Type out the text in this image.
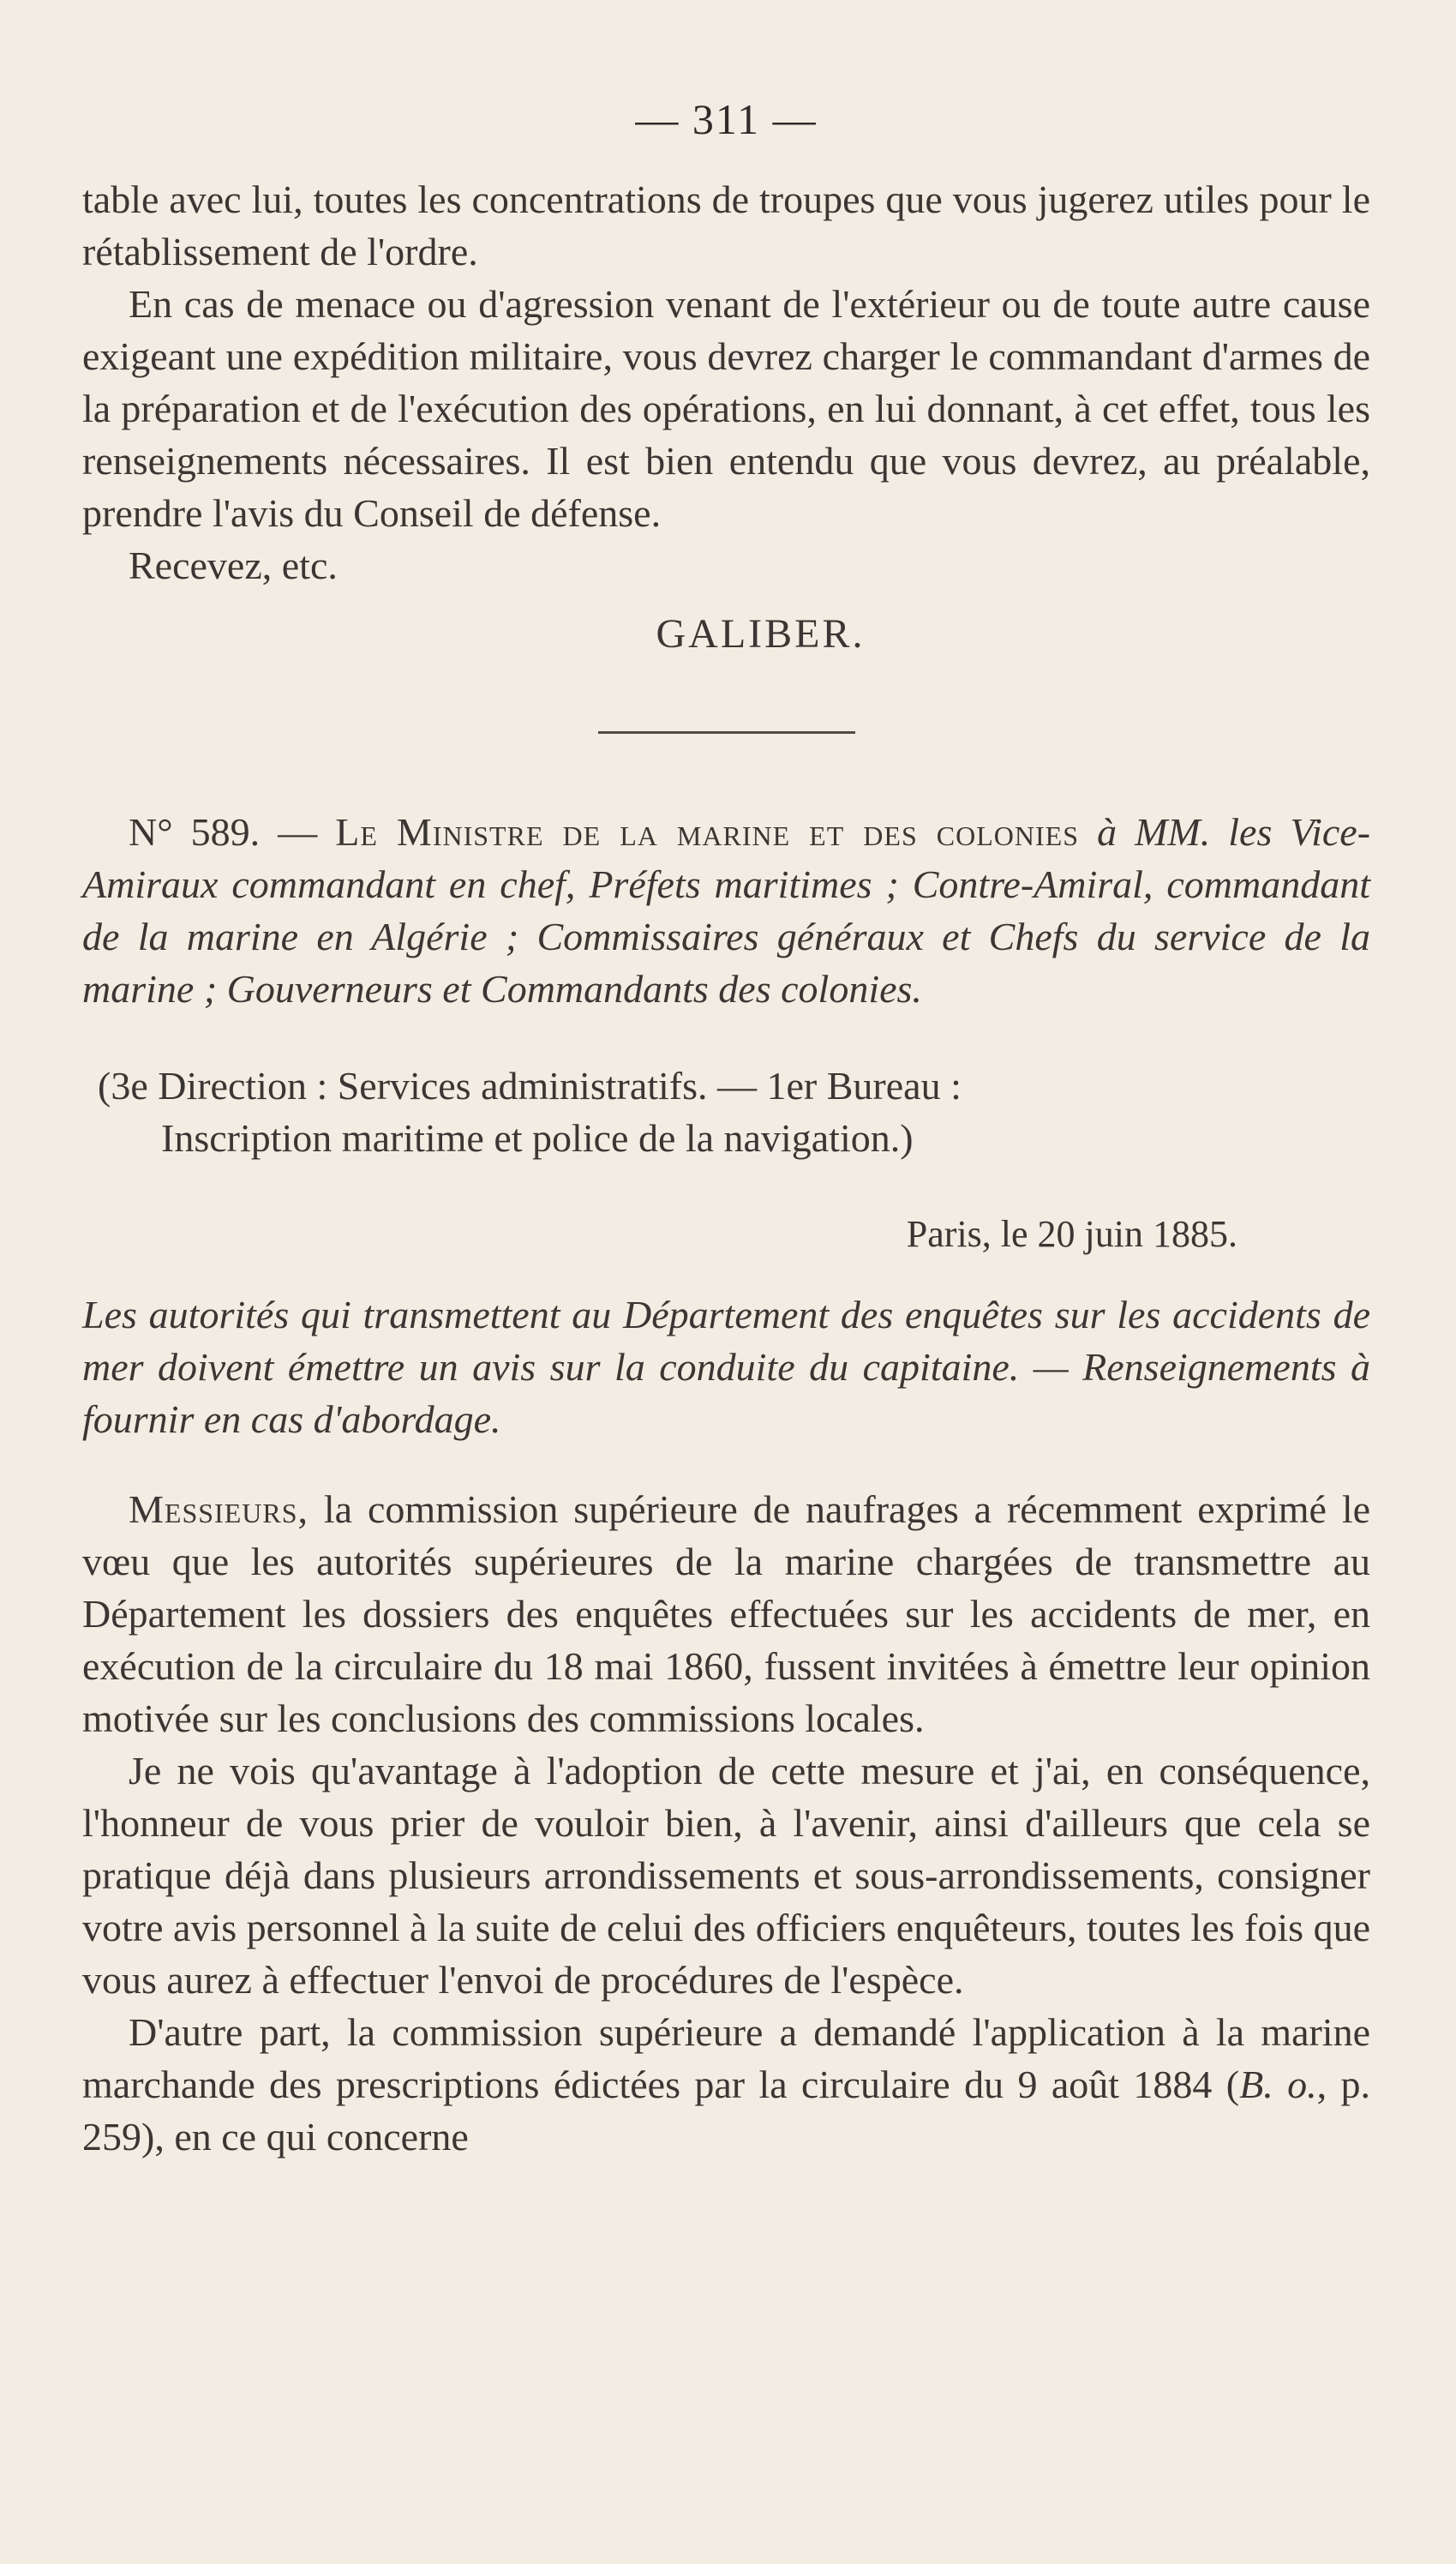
— 311 —

table avec lui, toutes les concentrations de troupes que vous jugerez utiles pour le rétablissement de l'ordre.

En cas de menace ou d'agression venant de l'extérieur ou de toute autre cause exigeant une expédition militaire, vous devrez charger le commandant d'armes de la préparation et de l'exécution des opérations, en lui donnant, à cet effet, tous les renseignements nécessaires. Il est bien entendu que vous devrez, au préalable, prendre l'avis du Conseil de défense.

Recevez, etc.

GALIBER.

N° 589. — Le Ministre de la marine et des colonies à MM. les Vice-Amiraux commandant en chef, Préfets maritimes ; Contre-Amiral, commandant de la marine en Algérie ; Commissaires généraux et Chefs du service de la marine ; Gouverneurs et Commandants des colonies.

(3e Direction : Services administratifs. — 1er Bureau :
Inscription maritime et police de la navigation.)
Paris, le 20 juin 1885.

Les autorités qui transmettent au Département des enquêtes sur les accidents de mer doivent émettre un avis sur la conduite du capitaine. — Renseignements à fournir en cas d'abordage.

Messieurs, la commission supérieure de naufrages a récemment exprimé le vœu que les autorités supérieures de la marine chargées de transmettre au Département les dossiers des enquêtes effectuées sur les accidents de mer, en exécution de la circulaire du 18 mai 1860, fussent invitées à émettre leur opinion motivée sur les conclusions des commissions locales.

Je ne vois qu'avantage à l'adoption de cette mesure et j'ai, en conséquence, l'honneur de vous prier de vouloir bien, à l'avenir, ainsi d'ailleurs que cela se pratique déjà dans plusieurs arrondissements et sous-arrondissements, consigner votre avis personnel à la suite de celui des officiers enquêteurs, toutes les fois que vous aurez à effectuer l'envoi de procédures de l'espèce.

D'autre part, la commission supérieure a demandé l'application à la marine marchande des prescriptions édictées par la circulaire du 9 août 1884 (B. o., p. 259), en ce qui concerne
